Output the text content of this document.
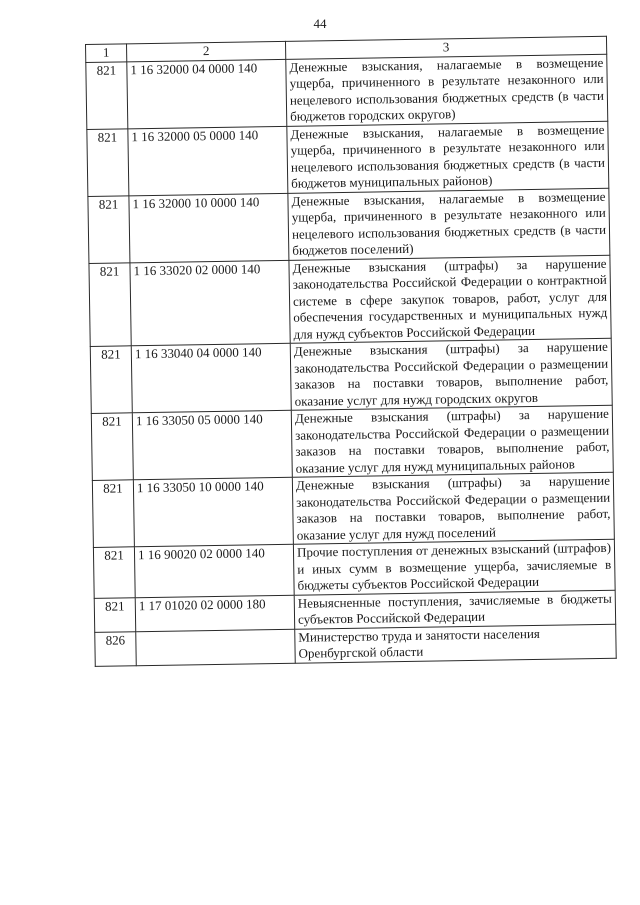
44
1	2	3
821	1 16 32000 04 0000 140	Денежные взыскания, налагаемые в возмещение ущерба, причиненного в результате незаконного или нецелевого использования бюджетных средств (в части бюджетов городских округов)
821	1 16 32000 05 0000 140	Денежные взыскания, налагаемые в возмещение ущерба, причиненного в результате незаконного или нецелевого использования бюджетных средств (в части бюджетов муниципальных районов)
821	1 16 32000 10 0000 140	Денежные взыскания, налагаемые в возмещение ущерба, причиненного в результате незаконного или нецелевого использования бюджетных средств (в части бюджетов поселений)
821	1 16 33020 02 0000 140	Денежные взыскания (штрафы) за нарушение законодательства Российской Федерации о контрактной системе в сфере закупок товаров, работ, услуг для обеспечения государственных и муниципальных нужд для нужд субъектов Российской Федерации
821	1 16 33040 04 0000 140	Денежные взыскания (штрафы) за нарушение законодательства Российской Федерации о размещении заказов на поставки товаров, выполнение работ, оказание услуг для нужд городских округов
821	1 16 33050 05 0000 140	Денежные взыскания (штрафы) за нарушение законодательства Российской Федерации о размещении заказов на поставки товаров, выполнение работ, оказание услуг для нужд муниципальных районов
821	1 16 33050 10 0000 140	Денежные взыскания (штрафы) за нарушение законодательства Российской Федерации о размещении заказов на поставки товаров, выполнение работ, оказание услуг для нужд поселений
821	1 16 90020 02 0000 140	Прочие поступления от денежных взысканий (штрафов) и иных сумм в возмещение ущерба, зачисляемые в бюджеты субъектов Российской Федерации
821	1 17 01020 02 0000 180	Невыясненные поступления, зачисляемые в бюджеты субъектов Российской Федерации
826		Министерство труда и занятости населения Оренбургской области
